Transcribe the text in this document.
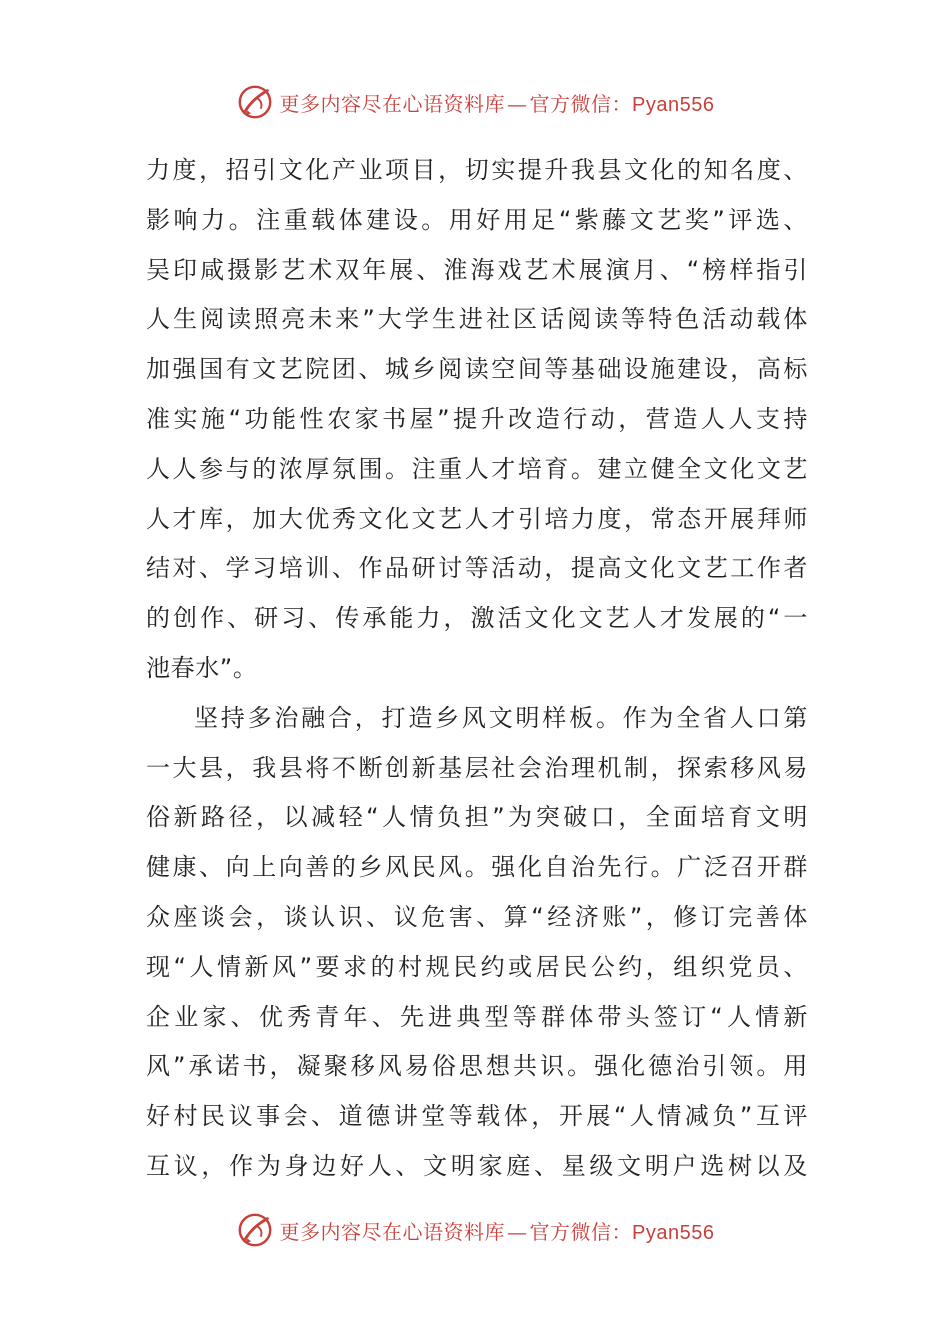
更多内容尽在心语资料库 — 官方微信：Pyan556
力度，招引文化产业项目，切实提升我县文化的知名度、
影响力。注重载体建设。用好用足“紫藤文艺奖”评选、
吴印咸摄影艺术双年展、淮海戏艺术展演月、“榜样指引
人生阅读照亮未来”大学生进社区话阅读等特色活动载体
加强国有文艺院团、城乡阅读空间等基础设施建设，高标
准实施“功能性农家书屋”提升改造行动，营造人人支持
人人参与的浓厚氛围。注重人才培育。建立健全文化文艺
人才库，加大优秀文化文艺人才引培力度，常态开展拜师
结对、学习培训、作品研讨等活动，提高文化文艺工作者
的创作、研习、传承能力，激活文化文艺人才发展的“一
池春水”。
坚持多治融合，打造乡风文明样板。作为全省人口第
一大县，我县将不断创新基层社会治理机制，探索移风易
俗新路径，以减轻“人情负担”为突破口，全面培育文明
健康、向上向善的乡风民风。强化自治先行。广泛召开群
众座谈会，谈认识、议危害、算“经济账”，修订完善体
现“人情新风”要求的村规民约或居民公约，组织党员、
企业家、优秀青年、先进典型等群体带头签订“人情新
风”承诺书，凝聚移风易俗思想共识。强化德治引领。用
好村民议事会、道德讲堂等载体，开展“人情减负”互评
互议，作为身边好人、文明家庭、星级文明户选树以及
更多内容尽在心语资料库 — 官方微信：Pyan556
